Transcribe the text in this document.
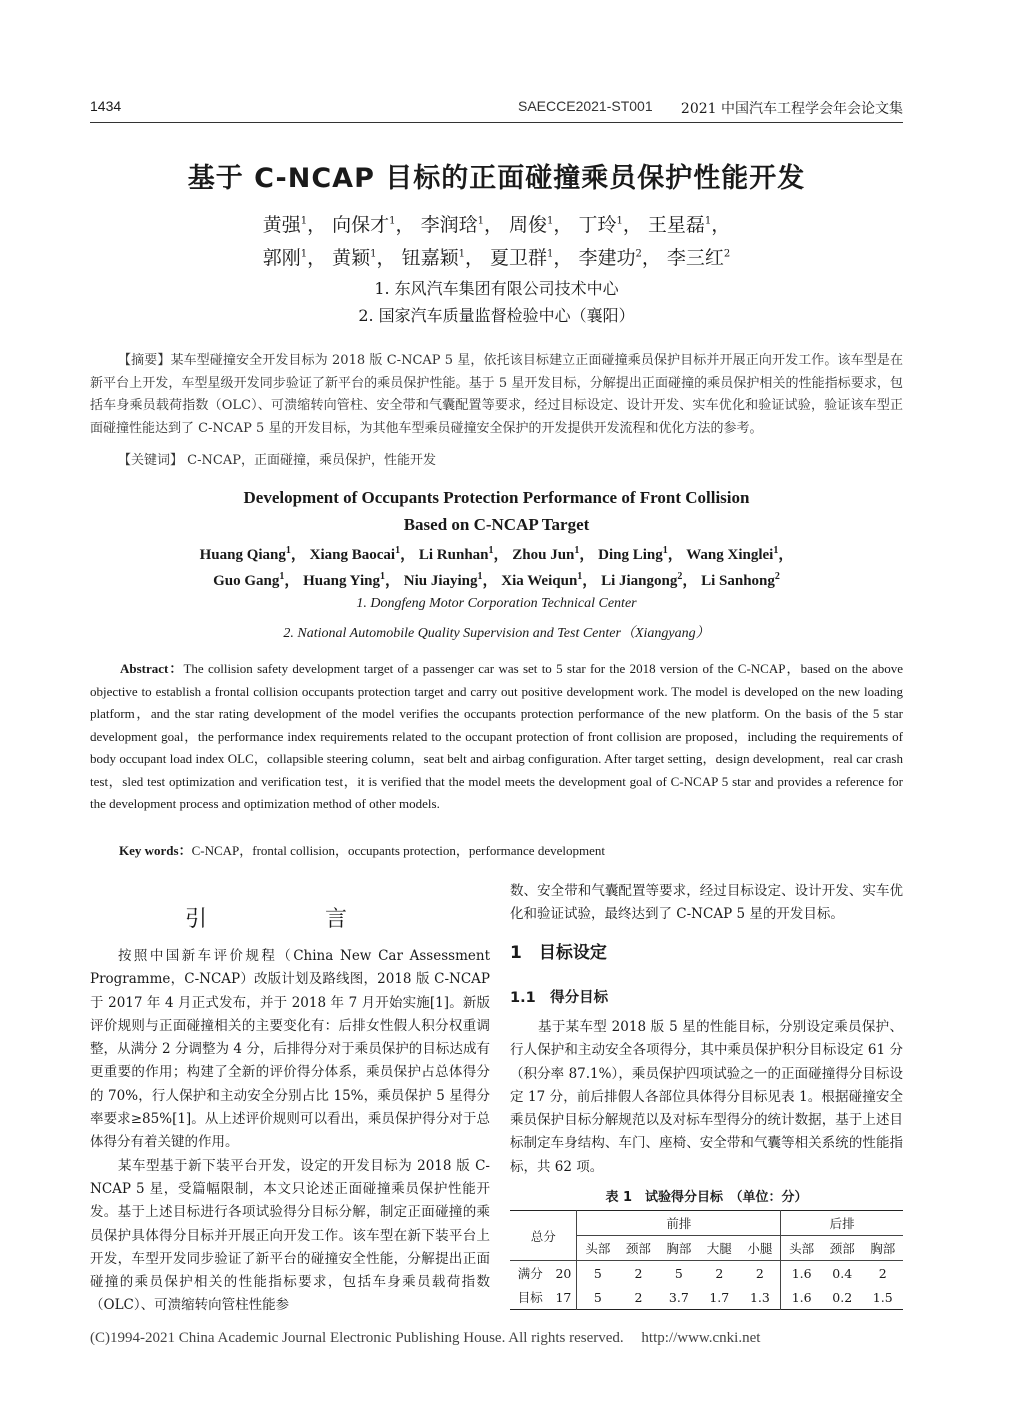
1434	SAECCE2021-ST001 2021 中国汽车工程学会年会论文集
基于 C-NCAP 目标的正面碰撞乘员保护性能开发
黄强$^1$， 向保才$^1$， 李润琀$^1$， 周俊$^1$， 丁玲$^1$， 王星磊$^1$，
郭刚$^1$， 黄颖$^1$， 钮嘉颖$^1$， 夏卫群$^1$， 李建功$^2$， 李三红$^2$
1. 东风汽车集团有限公司技术中心
2. 国家汽车质量监督检验中心（襄阳）
【摘要】某车型碰撞安全开发目标为 2018 版 C-NCAP 5 星，依托该目标建立正面碰撞乘员保护目标并开展正向开发工作。该车型是在新平台上开发，车型星级开发同步验证了新平台的乘员保护性能。基于 5 星开发目标，分解提出正面碰撞的乘员保护相关的性能指标要求，包括车身乘员载荷指数（OLC）、可溃缩转向管柱、安全带和气囊配置等要求，经过目标设定、设计开发、实车优化和验证试验，验证该车型正面碰撞性能达到了 C-NCAP 5 星的开发目标，为其他车型乘员碰撞安全保护的开发提供开发流程和优化方法的参考。
【关键词】 C-NCAP，正面碰撞，乘员保护，性能开发
Development of Occupants Protection Performance of Front Collision
Based on C-NCAP Target
Huang Qiang$^1$， Xiang Baocai$^1$， Li Runhan$^1$， Zhou Jun$^1$， Ding Ling$^1$， Wang Xinglei$^1$，
Guo Gang$^1$， Huang Ying$^1$， Niu Jiaying$^1$， Xia Weiqun$^1$， Li Jiangong$^2$， Li Sanhong$^2$
1. Dongfeng Motor Corporation Technical Center
2. National Automobile Quality Supervision and Test Center（Xiangyang）
Abstract：The collision safety development target of a passenger car was set to 5 star for the 2018 version of the C-NCAP，based on the above objective to establish a frontal collision occupants protection target and carry out positive development work. The model is developed on the new loading platform，and the star rating development of the model verifies the occupants protection performance of the new platform. On the basis of the 5 star development goal，the performance index requirements related to the occupant protection of front collision are proposed，including the requirements of body occupant load index OLC，collapsible steering column，seat belt and airbag configuration. After target setting，design development，real car crash test，sled test optimization and verification test，it is verified that the model meets the development goal of C-NCAP 5 star and provides a reference for the development process and optimization method of other models.
Key words：C-NCAP，frontal collision，occupants protection，performance development
引　言

按照中国新车评价规程（China New Car Assessment Programme，C-NCAP）改版计划及路线图，2018 版 C-NCAP 于 2017 年 4 月正式发布，并于 2018 年 7 月开始实施[1]。新版评价规则与正面碰撞相关的主要变化有：后排女性假人积分权重调整，从满分 2 分调整为 4 分，后排得分对于乘员保护的目标达成有更重要的作用；构建了全新的评价得分体系，乘员保护占总体得分的 70%，行人保护和主动安全分别占比 15%，乘员保护 5 星得分率要求≥85%[1]。从上述评价规则可以看出，乘员保护得分对于总体得分有着关键的作用。

某车型基于新下装平台开发，设定的开发目标为 2018 版 C-NCAP 5 星，受篇幅限制，本文只论述正面碰撞乘员保护性能开发。基于上述目标进行各项试验得分目标分解，制定正面碰撞的乘员保护具体得分目标并开展正向开发工作。该车型在新下装平台上开发，车型开发同步验证了新平台的碰撞安全性能，分解提出正面碰撞的乘员保护相关的性能指标要求，包括车身乘员载荷指数（OLC）、可溃缩转向管柱性能参

数、安全带和气囊配置等要求，经过目标设定、设计开发、实车优化和验证试验，最终达到了 C-NCAP 5 星的开发目标。

1　目标设定
1.1　得分目标

基于某车型 2018 版 5 星的性能目标，分别设定乘员保护、行人保护和主动安全各项得分，其中乘员保护积分目标设定 61 分（积分率 87.1%），乘员保护四项试验之一的正面碰撞得分目标设定 17 分，前后排假人各部位具体得分目标见表 1。根据碰撞安全乘员保护目标分解规范以及对标车型得分的统计数据，基于上述目标制定车身结构、车门、座椅、安全带和气囊等相关系统的性能指标，共 62 项。

表 1　试验得分目标　（单位：分）
总分		前排					后排		
		头部	颈部	胸部	大腿	小腿	头部	颈部	胸部
满分	20	5	2	5	2	2	1.6	0.4	2
目标	17	5	2	3.7	1.7	1.3	1.6	0.2	1.5
(C)1994-2021 China Academic Journal Electronic Publishing House. All rights reserved. http://www.cnki.net
